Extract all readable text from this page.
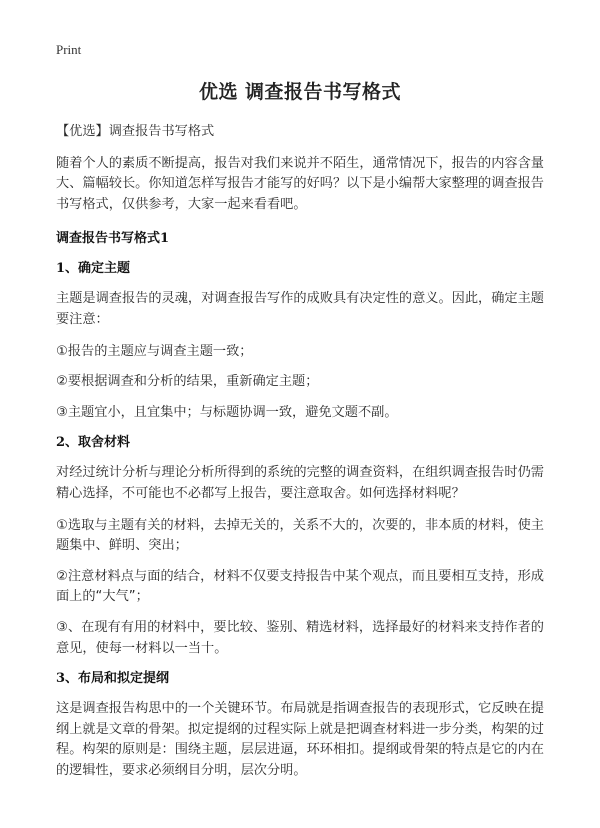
Print
优选 调查报告书写格式
【优选】调查报告书写格式
随着个人的素质不断提高，报告对我们来说并不陌生，通常情况下，报告的内容含量大、篇幅较长。你知道怎样写报告才能写的好吗？以下是小编帮大家整理的调查报告书写格式，仅供参考，大家一起来看看吧。
调查报告书写格式1
1、确定主题
主题是调查报告的灵魂，对调查报告写作的成败具有决定性的意义。因此，确定主题要注意：
①报告的主题应与调查主题一致；
②要根据调查和分析的结果，重新确定主题；
③主题宜小，且宜集中；与标题协调一致，避免文题不副。
2、取舍材料
对经过统计分析与理论分析所得到的系统的完整的调查资料，在组织调查报告时仍需精心选择，不可能也不必都写上报告，要注意取舍。如何选择材料呢？
①选取与主题有关的材料，去掉无关的，关系不大的，次要的，非本质的材料，使主题集中、鲜明、突出；
②注意材料点与面的结合，材料不仅要支持报告中某个观点，而且要相互支持，形成面上的“大气”；
③、在现有有用的材料中，要比较、鉴别、精选材料，选择最好的材料来支持作者的意见，使每一材料以一当十。
3、布局和拟定提纲
这是调查报告构思中的一个关键环节。布局就是指调查报告的表现形式，它反映在提纲上就是文章的骨架。拟定提纲的过程实际上就是把调查材料进一步分类，构架的过程。构架的原则是：围绕主题，层层进逼，环环相扣。提纲或骨架的特点是它的内在的逻辑性，要求必须纲目分明，层次分明。
